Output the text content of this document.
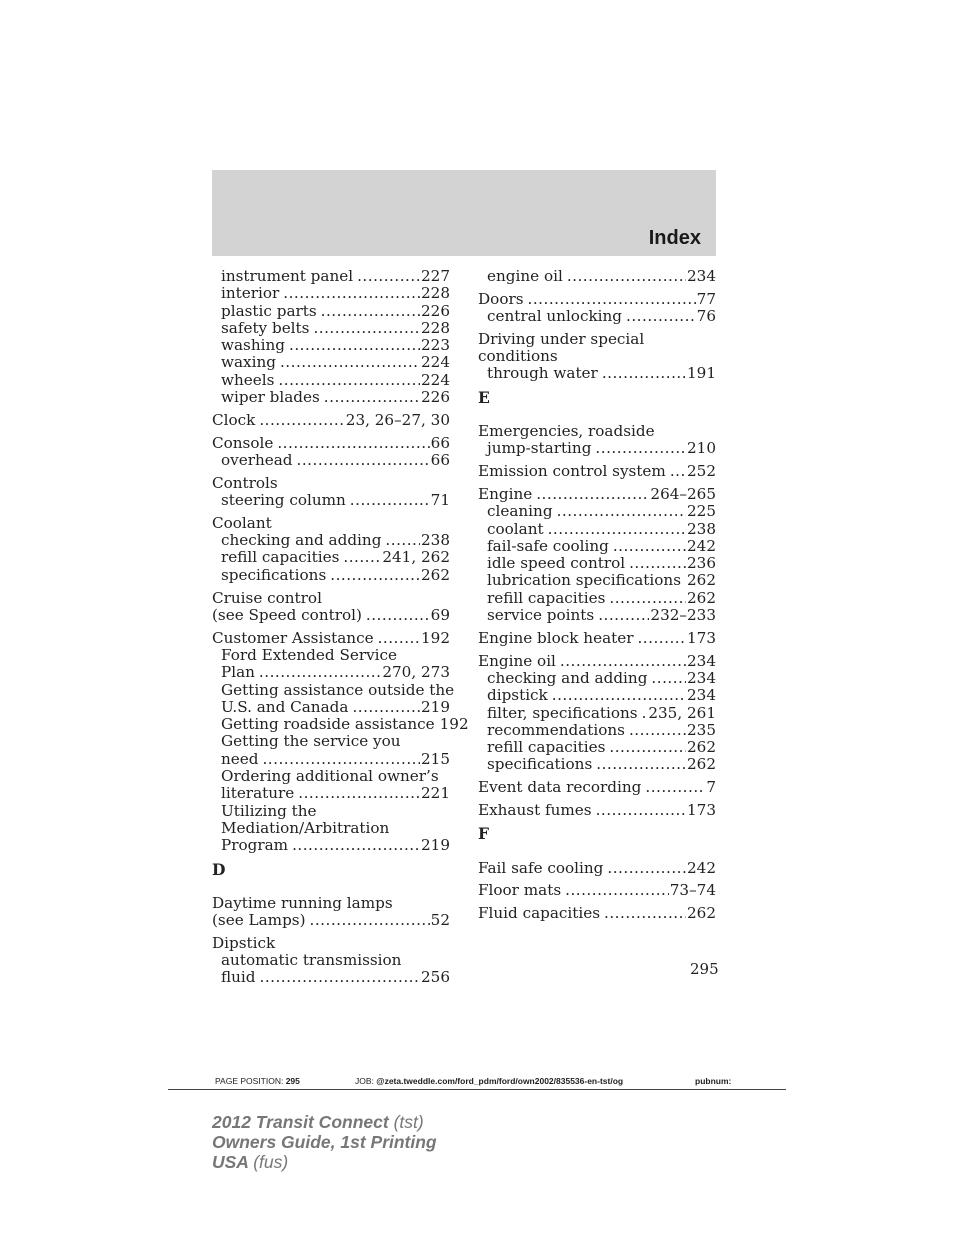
Index
instrument panel .....	227
interior .....	228
plastic parts .....	226
safety belts .....	228
washing .....	223
waxing .....	224
wheels .....	224
wiper blades .....	226
Clock .....	23, 26–27, 30
Console .....	66
overhead .....	66
Controls
steering column .....	71
Coolant
checking and adding .....	238
refill capacities .....	241, 262
specifications .....	262
Cruise control
(see Speed control) .....	69
Customer Assistance .....	192
Ford Extended Service
Plan .....	270, 273
Getting assistance outside the
U.S. and Canada .....	219
Getting roadside assistance 192
Getting the service you
need .....	215
Ordering additional owner’s
literature .....	221
Utilizing the
Mediation/Arbitration
Program .....	219
D
Daytime running lamps
(see Lamps) .....	52
Dipstick
automatic transmission
fluid .....	256
engine oil .....	234
Doors .....	77
central unlocking .....	76
Driving under special
conditions
through water .....	191
E
Emergencies, roadside
jump-starting .....	210
Emission control system ..... 252
Engine .....	264–265
cleaning .....	225
coolant .....	238
fail-safe cooling .....	242
idle speed control .....	236
lubrication specifications ..... 262
refill capacities .....	262
service points .....	232–233
Engine block heater .....	173
Engine oil .....	234
checking and adding .....	234
dipstick .....	234
filter, specifications ..... 235, 261
recommendations .....	235
refill capacities .....	262
specifications .....	262
Event data recording .....	7
Exhaust fumes .....	173
F
Fail safe cooling .....	242
Floor mats .....	73–74
Fluid capacities .....	262
295
PAGE POSITION: 295	JOB: @zeta.tweddle.com/ford_pdm/ford/own2002/835536-en-tst/og	pubnum:
2012 Transit Connect (tst)
Owners Guide, 1st Printing
USA (fus)
